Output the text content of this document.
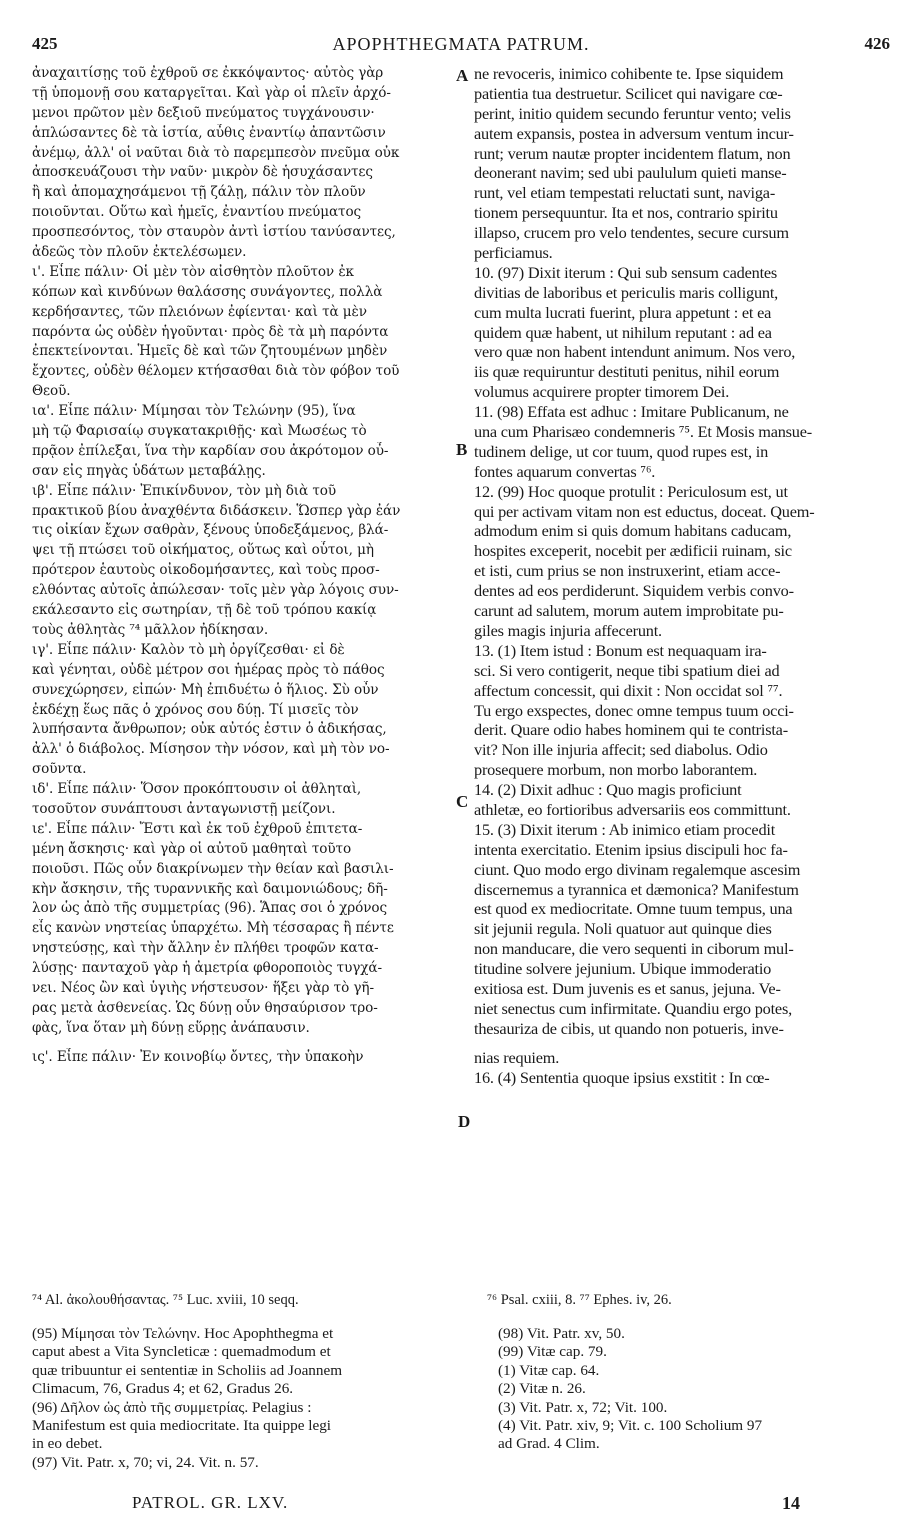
425	APOPHTHEGMATA PATRUM.	426
ἀναχαιτίσῃς τοῦ ἐχθροῦ σε ἐκκόψαντος· αὐτὸς γὰρ
τῇ ὑπομονῇ σου καταργεῖται. Καὶ γὰρ οἱ πλεῖν ἀρχό-
μενοι πρῶτον μὲν δεξιοῦ πνεύματος τυγχάνουσιν·
ἁπλώσαντες δὲ τὰ ἱστία, αὖθις ἐναντίῳ ἀπαντῶσιν
ἀνέμῳ, ἀλλ' οἱ ναῦται διὰ τὸ παρεμπεσὸν πνεῦμα οὐκ
ἀποσκευάζουσι τὴν ναῦν· μικρὸν δὲ ἡσυχάσαντες
ἢ καὶ ἀπομαχησάμενοι τῇ ζάλῃ, πάλιν τὸν πλοῦν
ποιοῦνται. Οὕτω καὶ ἡμεῖς, ἐναντίου πνεύματος
προσπεσόντος, τὸν σταυρὸν ἀντὶ ἱστίου τανύσαντες,
ἀδεῶς τὸν πλοῦν ἐκτελέσωμεν.
ι'. Εἶπε πάλιν· Οἱ μὲν τὸν αἰσθητὸν πλοῦτον ἐκ
κόπων καὶ κινδύνων θαλάσσης συνάγοντες, πολλὰ
κερδήσαντες, τῶν πλειόνων ἐφίενται· καὶ τὰ μὲν
παρόντα ὡς οὐδὲν ἡγοῦνται· πρὸς δὲ τὰ μὴ παρόντα
ἐπεκτείνονται. Ἡμεῖς δὲ καὶ τῶν ζητουμένων μηδὲν
ἔχοντες, οὐδὲν θέλομεν κτήσασθαι διὰ τὸν φόβον τοῦ
Θεοῦ.
ια'. Εἶπε πάλιν· Μίμησαι τὸν Τελώνην (95), ἵνα
μὴ τῷ Φαρισαίῳ συγκατακριθῇς· καὶ Μωσέως τὸ
πρᾷον ἐπίλεξαι, ἵνα τὴν καρδίαν σου ἀκρότομον οὖ-
σαν εἰς πηγὰς ὑδάτων μεταβάλῃς.
ιβ'. Εἶπε πάλιν· Ἐπικίνδυνον, τὸν μὴ διὰ τοῦ
πρακτικοῦ βίου ἀναχθέντα διδάσκειν. Ὥσπερ γὰρ ἐάν
τις οἰκίαν ἔχων σαθρὰν, ξένους ὑποδεξάμενος, βλά-
ψει τῇ πτώσει τοῦ οἰκήματος, οὕτως καὶ οὗτοι, μὴ
πρότερον ἑαυτοὺς οἰκοδομήσαντες, καὶ τοὺς προσ-
ελθόντας αὐτοῖς ἀπώλεσαν· τοῖς μὲν γὰρ λόγοις συν-
εκάλεσαντο εἰς σωτηρίαν, τῇ δὲ τοῦ τρόπου κακίᾳ
τοὺς ἀθλητὰς ⁷⁴ μᾶλλον ἠδίκησαν.
ιγ'. Εἶπε πάλιν· Καλὸν τὸ μὴ ὀργίζεσθαι· εἰ δὲ
καὶ γένηται, οὐδὲ μέτρον σοι ἡμέρας πρὸς τὸ πάθος
συνεχώρησεν, εἰπών· Μὴ ἐπιδυέτω ὁ ἥλιος. Σὺ οὖν
ἐκδέχῃ ἕως πᾶς ὁ χρόνος σου δύῃ. Τί μισεῖς τὸν
λυπήσαντα ἄνθρωπον; οὐκ αὐτός ἐστιν ὁ ἀδικήσας,
ἀλλ' ὁ διάβολος. Μίσησον τὴν νόσον, καὶ μὴ τὸν νο-
σοῦντα.
ιδ'. Εἶπε πάλιν· Ὅσον προκόπτουσιν οἱ ἀθληταὶ,
τοσοῦτον συνάπτουσι ἀνταγωνιστῇ μείζονι.
ιε'. Εἶπε πάλιν· Ἔστι καὶ ἐκ τοῦ ἐχθροῦ ἐπιτετα-
μένη ἄσκησις· καὶ γὰρ οἱ αὐτοῦ μαθηταὶ τοῦτο
ποιοῦσι. Πῶς οὖν διακρίνωμεν τὴν θείαν καὶ βασιλι-
κὴν ἄσκησιν, τῆς τυραννικῆς καὶ δαιμονιώδους; δῆ-
λον ὡς ἀπὸ τῆς συμμετρίας (96). Ἅπας σοι ὁ χρόνος
εἷς κανὼν νηστείας ὑπαρχέτω. Μὴ τέσσαρας ἢ πέντε
νηστεύσῃς, καὶ τὴν ἄλλην ἐν πλήθει τροφῶν κατα-
λύσῃς· πανταχοῦ γὰρ ἡ ἀμετρία φθοροποιὸς τυγχά-
νει. Νέος ὢν καὶ ὑγιὴς νήστευσον· ἥξει γὰρ τὸ γῆ-
ρας μετὰ ἀσθενείας. Ὡς δύνῃ οὖν θησαύρισον τρο-
φὰς, ἵνα ὅταν μὴ δύνῃ εὕρῃς ἀνάπαυσιν.
ις'. Εἶπε πάλιν· Ἐν κοινοβίῳ ὄντες, τὴν ὑπακοὴν
ne revoceris, inimico cohibente te. Ipse siquidem
patientia tua destruetur. Scilicet qui navigare cœ-
perint, initio quidem secundo feruntur vento; velis
autem expansis, postea in adversum ventum incur-
runt; verum nautæ propter incidentem flatum, non
deonerant navim; sed ubi paululum quieti manse-
runt, vel etiam tempestati reluctati sunt, naviga-
tionem persequuntur. Ita et nos, contrario spiritu
illapso, crucem pro velo tendentes, secure cursum
perficiamus.
10. (97) Dixit iterum : Qui sub sensum cadentes
divitias de laboribus et periculis maris colligunt,
cum multa lucrati fuerint, plura appetunt : et ea
quidem quæ habent, ut nihilum reputant : ad ea
vero quæ non habent intendunt animum. Nos vero,
iis quæ requiruntur destituti penitus, nihil eorum
volumus acquirere propter timorem Dei.
11. (98) Effata est adhuc : Imitare Publicanum, ne
una cum Pharisæo condemneris ⁷⁵. Et Mosis mansue-
tudinem delige, ut cor tuum, quod rupes est, in
fontes aquarum convertas ⁷⁶.
12. (99) Hoc quoque protulit : Periculosum est, ut
qui per activam vitam non est eductus, doceat. Quem-
admodum enim si quis domum habitans caducam,
hospites exceperit, nocebit per ædificii ruinam, sic
et isti, cum prius se non instruxerint, etiam acce-
dentes ad eos perdiderunt. Siquidem verbis convo-
carunt ad salutem, morum autem improbitate pu-
giles magis injuria affecerunt.
13. (1) Item istud : Bonum est nequaquam ira-
sci. Si vero contigerit, neque tibi spatium diei ad
affectum concessit, qui dixit : Non occidat sol ⁷⁷.
Tu ergo exspectes, donec omne tempus tuum occi-
derit. Quare odio habes hominem qui te contrista-
vit? Non ille injuria affecit; sed diabolus. Odio
prosequere morbum, non morbo laborantem.
14. (2) Dixit adhuc : Quo magis proficiunt
athletæ, eo fortioribus adversariis eos committunt.
15. (3) Dixit iterum : Ab inimico etiam procedit
intenta exercitatio. Etenim ipsius discipuli hoc fa-
ciunt. Quo modo ergo divinam regalemque ascesim
discernemus a tyrannica et dæmonica? Manifestum
est quod ex mediocritate. Omne tuum tempus, una
sit jejunii regula. Noli quatuor aut quinque dies
non manducare, die vero sequenti in ciborum mul-
titudine solvere jejunium. Ubique immoderatio
exitiosa est. Dum juvenis es et sanus, jejuna. Ve-
niet senectus cum infirmitate. Quandiu ergo potes,
thesauriza de cibis, ut quando non potueris, inve-
nias requiem.
16. (4) Sententia quoque ipsius exstitit : In cœ-
A
B
C
D
⁷⁴ Al. ἀκολουθήσαντας. ⁷⁵ Luc. xviii, 10 seqq.	⁷⁶ Psal. cxiii, 8. ⁷⁷ Ephes. iv, 26.
(95) Μίμησαι τὸν Τελώνην. Hoc Apophthegma et
caput abest a Vita Syncleticæ : quemadmodum et
quæ tribuuntur ei sententiæ in Scholiis ad Joannem
Climacum, 76, Gradus 4; et 62, Gradus 26.
(96) Δῆλον ὡς ἀπὸ τῆς συμμετρίας. Pelagius :
Manifestum est quia mediocritate. Ita quippe legi
in eo debet.
(97) Vit. Patr. x, 70; vi, 24. Vit. n. 57.
(98) Vit. Patr. xv, 50.
(99) Vitæ cap. 79.
(1) Vitæ cap. 64.
(2) Vitæ n. 26.
(3) Vit. Patr. x, 72; Vit. 100.
(4) Vit. Patr. xiv, 9; Vit. c. 100 Scholium 97
ad Grad. 4 Clim.
PATROL. GR. LXV.	14
